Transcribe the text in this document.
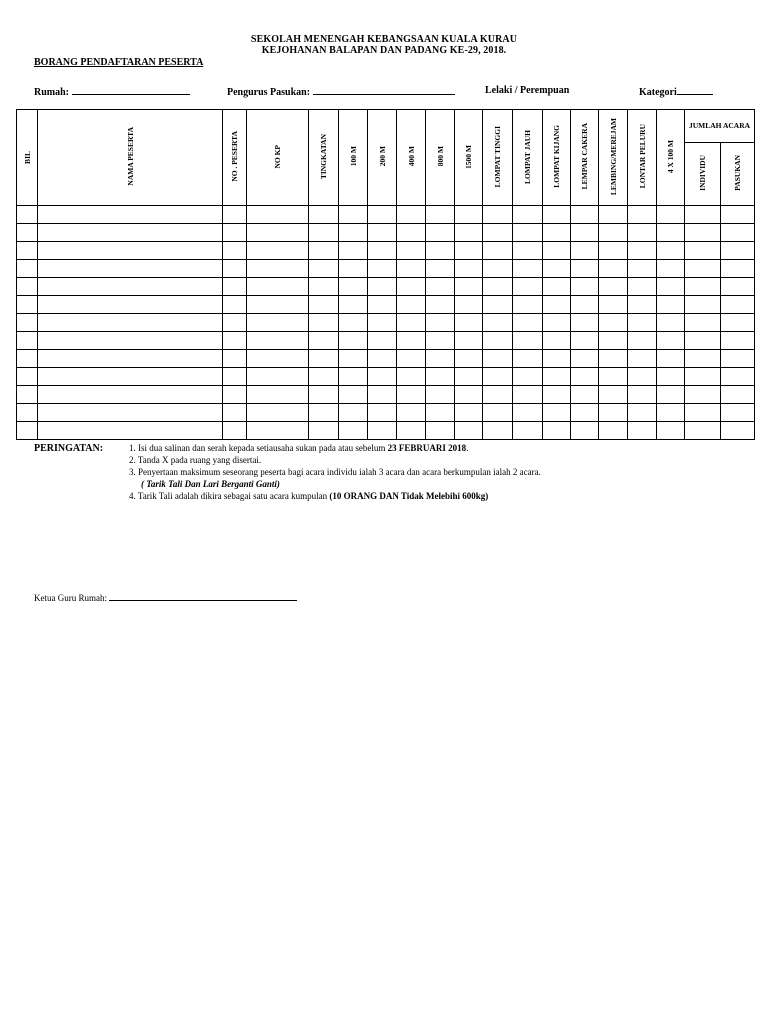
SEKOLAH MENENGAH KEBANGSAAN KUALA KURAU
KEJOHANAN BALAPAN DAN PADANG KE-29, 2018.
BORANG PENDAFTARAN PESERTA
Rumah:	Pengurus Pasukan:	Lelaki / Perempuan	Kategori
BIL	NAMA PESERTA	NO . PESERTA	NO KP	TINGKATAN	100 M	200 M	400 M	800 M	1500 M	LOMPAT TINGGI	LOMPAT JAUH	LOMPAT KIJANG	LEMPAR CAKERA	LEMBING/MEREJAM	LONTAR PELURU	4 X 100 M	JUMLAH ACARA	
																	INDIVIDU	PASUKAN

PERINGATAN:	1. Isi dua salinan dan serah kepada setiausaha sukan pada atau sebelum 23 FEBRUARI 2018.
2. Tanda X pada ruang yang disertai.
3. Penyertaan maksimum seseorang peserta bagi acara individu ialah 3 acara dan acara berkumpulan ialah 2 acara.
( Tarik Tali Dan Lari Berganti Ganti)
4. Tarik Tali adalah dikira sebagai satu acara kumpulan (10 ORANG DAN Tidak Melebihi 600kg)
Ketua Guru Rumah:
